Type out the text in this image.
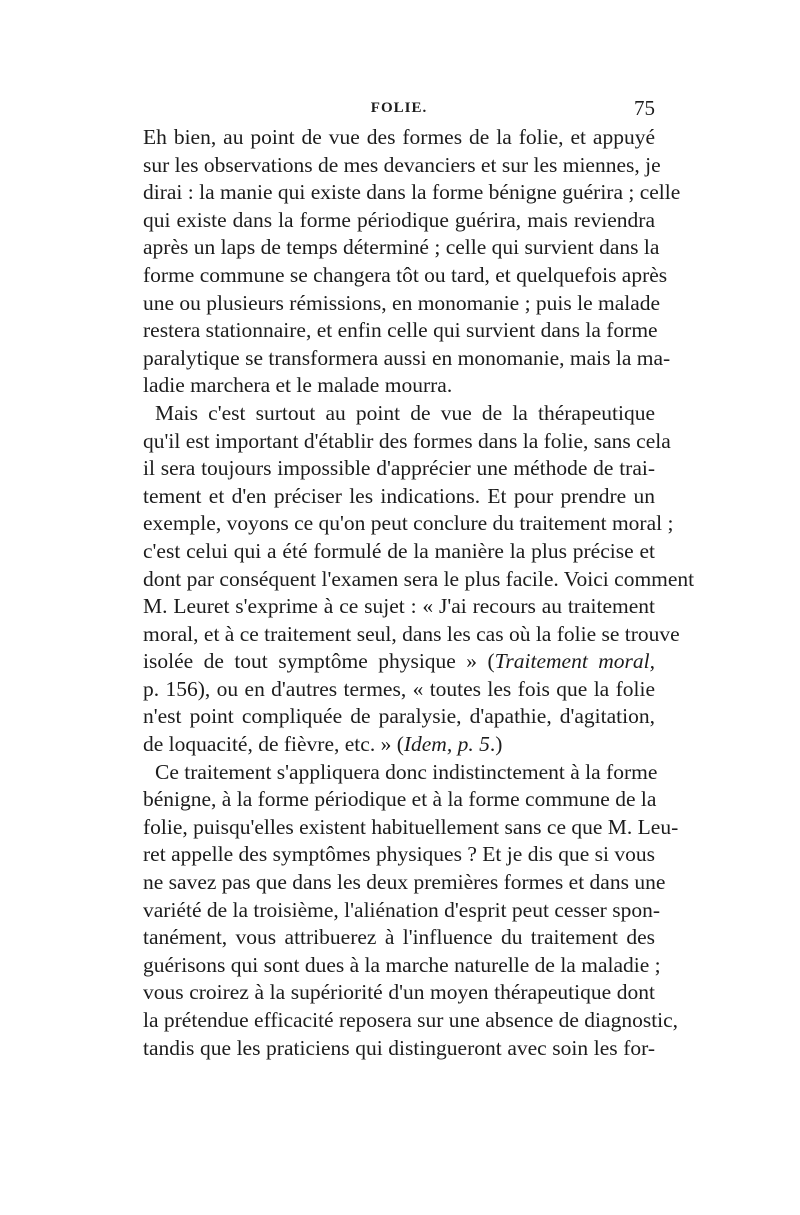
FOLIE.	75
Eh bien, au point de vue des formes de la folie, et appuyé
sur les observations de mes devanciers et sur les miennes, je
dirai : la manie qui existe dans la forme bénigne guérira ; celle
qui existe dans la forme périodique guérira, mais reviendra
après un laps de temps déterminé ; celle qui survient dans la
forme commune se changera tôt ou tard, et quelquefois après
une ou plusieurs rémissions, en monomanie ; puis le malade
restera stationnaire, et enfin celle qui survient dans la forme
paralytique se transformera aussi en monomanie, mais la ma-
ladie marchera et le malade mourra.
Mais c'est surtout au point de vue de la thérapeutique
qu'il est important d'établir des formes dans la folie, sans cela
il sera toujours impossible d'apprécier une méthode de trai-
tement et d'en préciser les indications. Et pour prendre un
exemple, voyons ce qu'on peut conclure du traitement moral ;
c'est celui qui a été formulé de la manière la plus précise et
dont par conséquent l'examen sera le plus facile. Voici comment
M. Leuret s'exprime à ce sujet : « J'ai recours au traitement
moral, et à ce traitement seul, dans les cas où la folie se trouve
isolée de tout symptôme physique » (Traitement moral,
p. 156), ou en d'autres termes, « toutes les fois que la folie
n'est point compliquée de paralysie, d'apathie, d'agitation,
de loquacité, de fièvre, etc. » (Idem, p. 5.)
Ce traitement s'appliquera donc indistinctement à la forme
bénigne, à la forme périodique et à la forme commune de la
folie, puisqu'elles existent habituellement sans ce que M. Leu-
ret appelle des symptômes physiques ? Et je dis que si vous
ne savez pas que dans les deux premières formes et dans une
variété de la troisième, l'aliénation d'esprit peut cesser spon-
tanément, vous attribuerez à l'influence du traitement des
guérisons qui sont dues à la marche naturelle de la maladie ;
vous croirez à la supériorité d'un moyen thérapeutique dont
la prétendue efficacité reposera sur une absence de diagnostic,
tandis que les praticiens qui distingueront avec soin les for-
